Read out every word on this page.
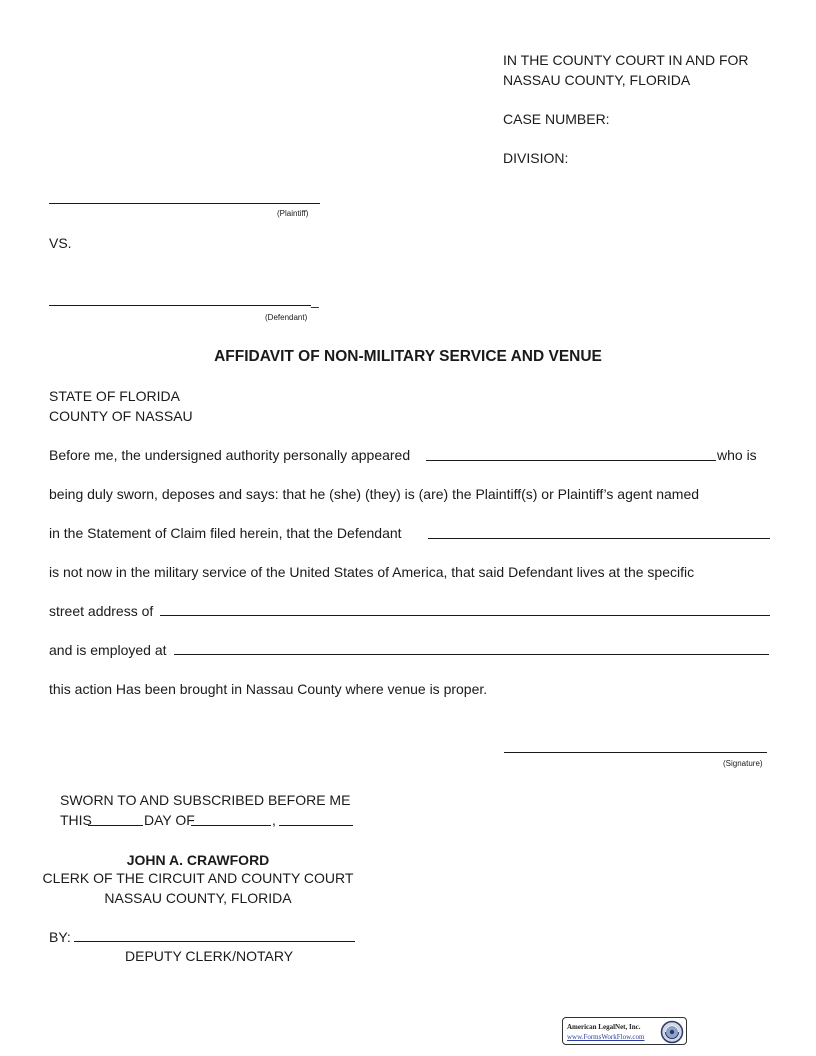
IN THE COUNTY COURT IN AND FOR
NASSAU COUNTY, FLORIDA
CASE NUMBER:
DIVISION:
(Plaintiff)
VS.
_
(Defendant)
AFFIDAVIT OF NON-MILITARY SERVICE AND VENUE
STATE OF FLORIDA
COUNTY OF NASSAU
Before me, the undersigned authority personally appeared	who is
being duly sworn, deposes and says: that he (she) (they) is (are) the Plaintiff(s) or Plaintiff’s agent named
in the Statement of Claim filed herein, that the Defendant
is not now in the military service of the United States of America, that said Defendant lives at the specific
street address of
and is employed at
this action Has been brought in Nassau County where venue is proper.
(Signature)
SWORN TO AND SUBSCRIBED BEFORE ME
THIS	DAY OF	,
JOHN A. CRAWFORD
CLERK OF THE CIRCUIT AND COUNTY COURT
NASSAU COUNTY, FLORIDA
BY:
DEPUTY CLERK/NOTARY
American LegalNet, Inc.
www.FormsWorkFlow.com
